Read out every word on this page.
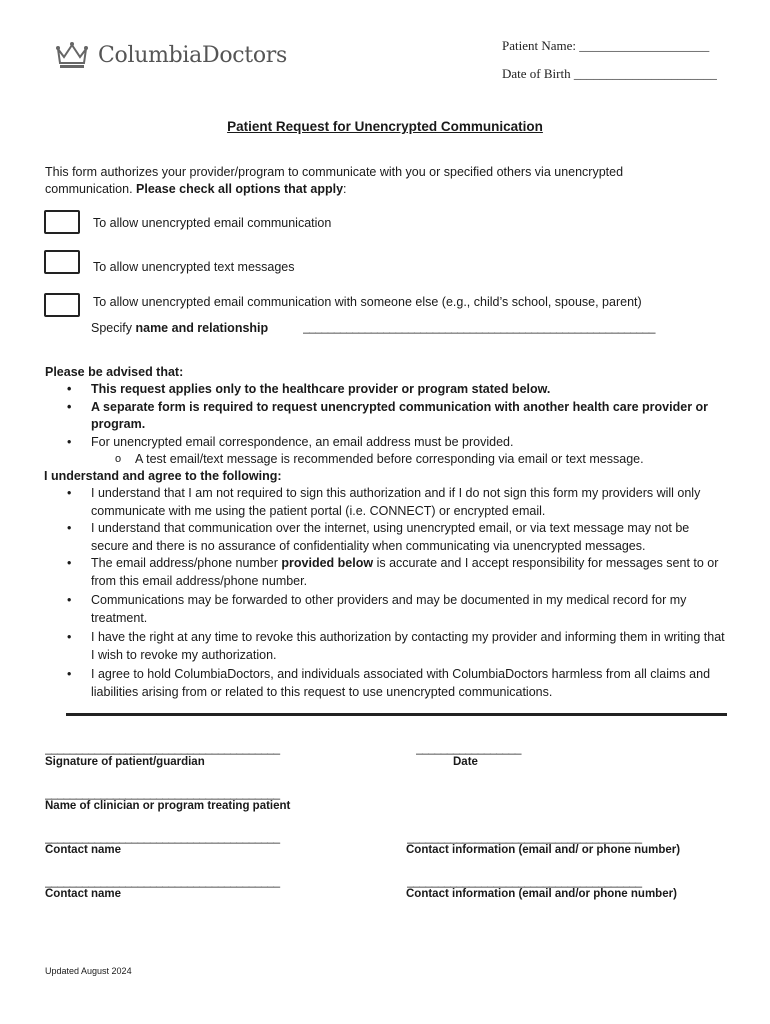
ColumbiaDoctors	Patient Name: ____________________
Date of Birth ______________________
Patient Request for Unencrypted Communication
This form authorizes your provider/program to communicate with you or specified others via unencrypted communication. Please check all options that apply:
To allow unencrypted email communication
To allow unencrypted text messages
To allow unencrypted email communication with someone else (e.g., child’s school, spouse, parent)
Specify name and relationship	_________________________________________________________
Please be advised that:
• This request applies only to the healthcare provider or program stated below.
• A separate form is required to request unencrypted communication with another health care provider or program.
• For unencrypted email correspondence, an email address must be provided.
o A test email/text message is recommended before corresponding via email or text message.
I understand and agree to the following:
• I understand that I am not required to sign this authorization and if I do not sign this form my providers will only communicate with me using the patient portal (i.e. CONNECT) or encrypted email.
• I understand that communication over the internet, using unencrypted email, or via text message may not be secure and there is no assurance of confidentiality when communicating via unencrypted messages.
• The email address/phone number provided below is accurate and I accept responsibility for messages sent to or from this email address/phone number.
• Communications may be forwarded to other providers and may be documented in my medical record for my treatment.
• I have the right at any time to revoke this authorization by contacting my provider and informing them in writing that I wish to revoke my authorization.
• I agree to hold ColumbiaDoctors, and individuals associated with ColumbiaDoctors harmless from all claims and liabilities arising from or related to this request to use unencrypted communications.
______________________________________
Signature of patient/guardian
_________________
Date
______________________________________
Name of clinician or program treating patient
______________________________________
Contact name
______________________________________
Contact information (email and/ or phone number)
______________________________________
Contact name
______________________________________
Contact information (email and/or phone number)
Updated August 2024
